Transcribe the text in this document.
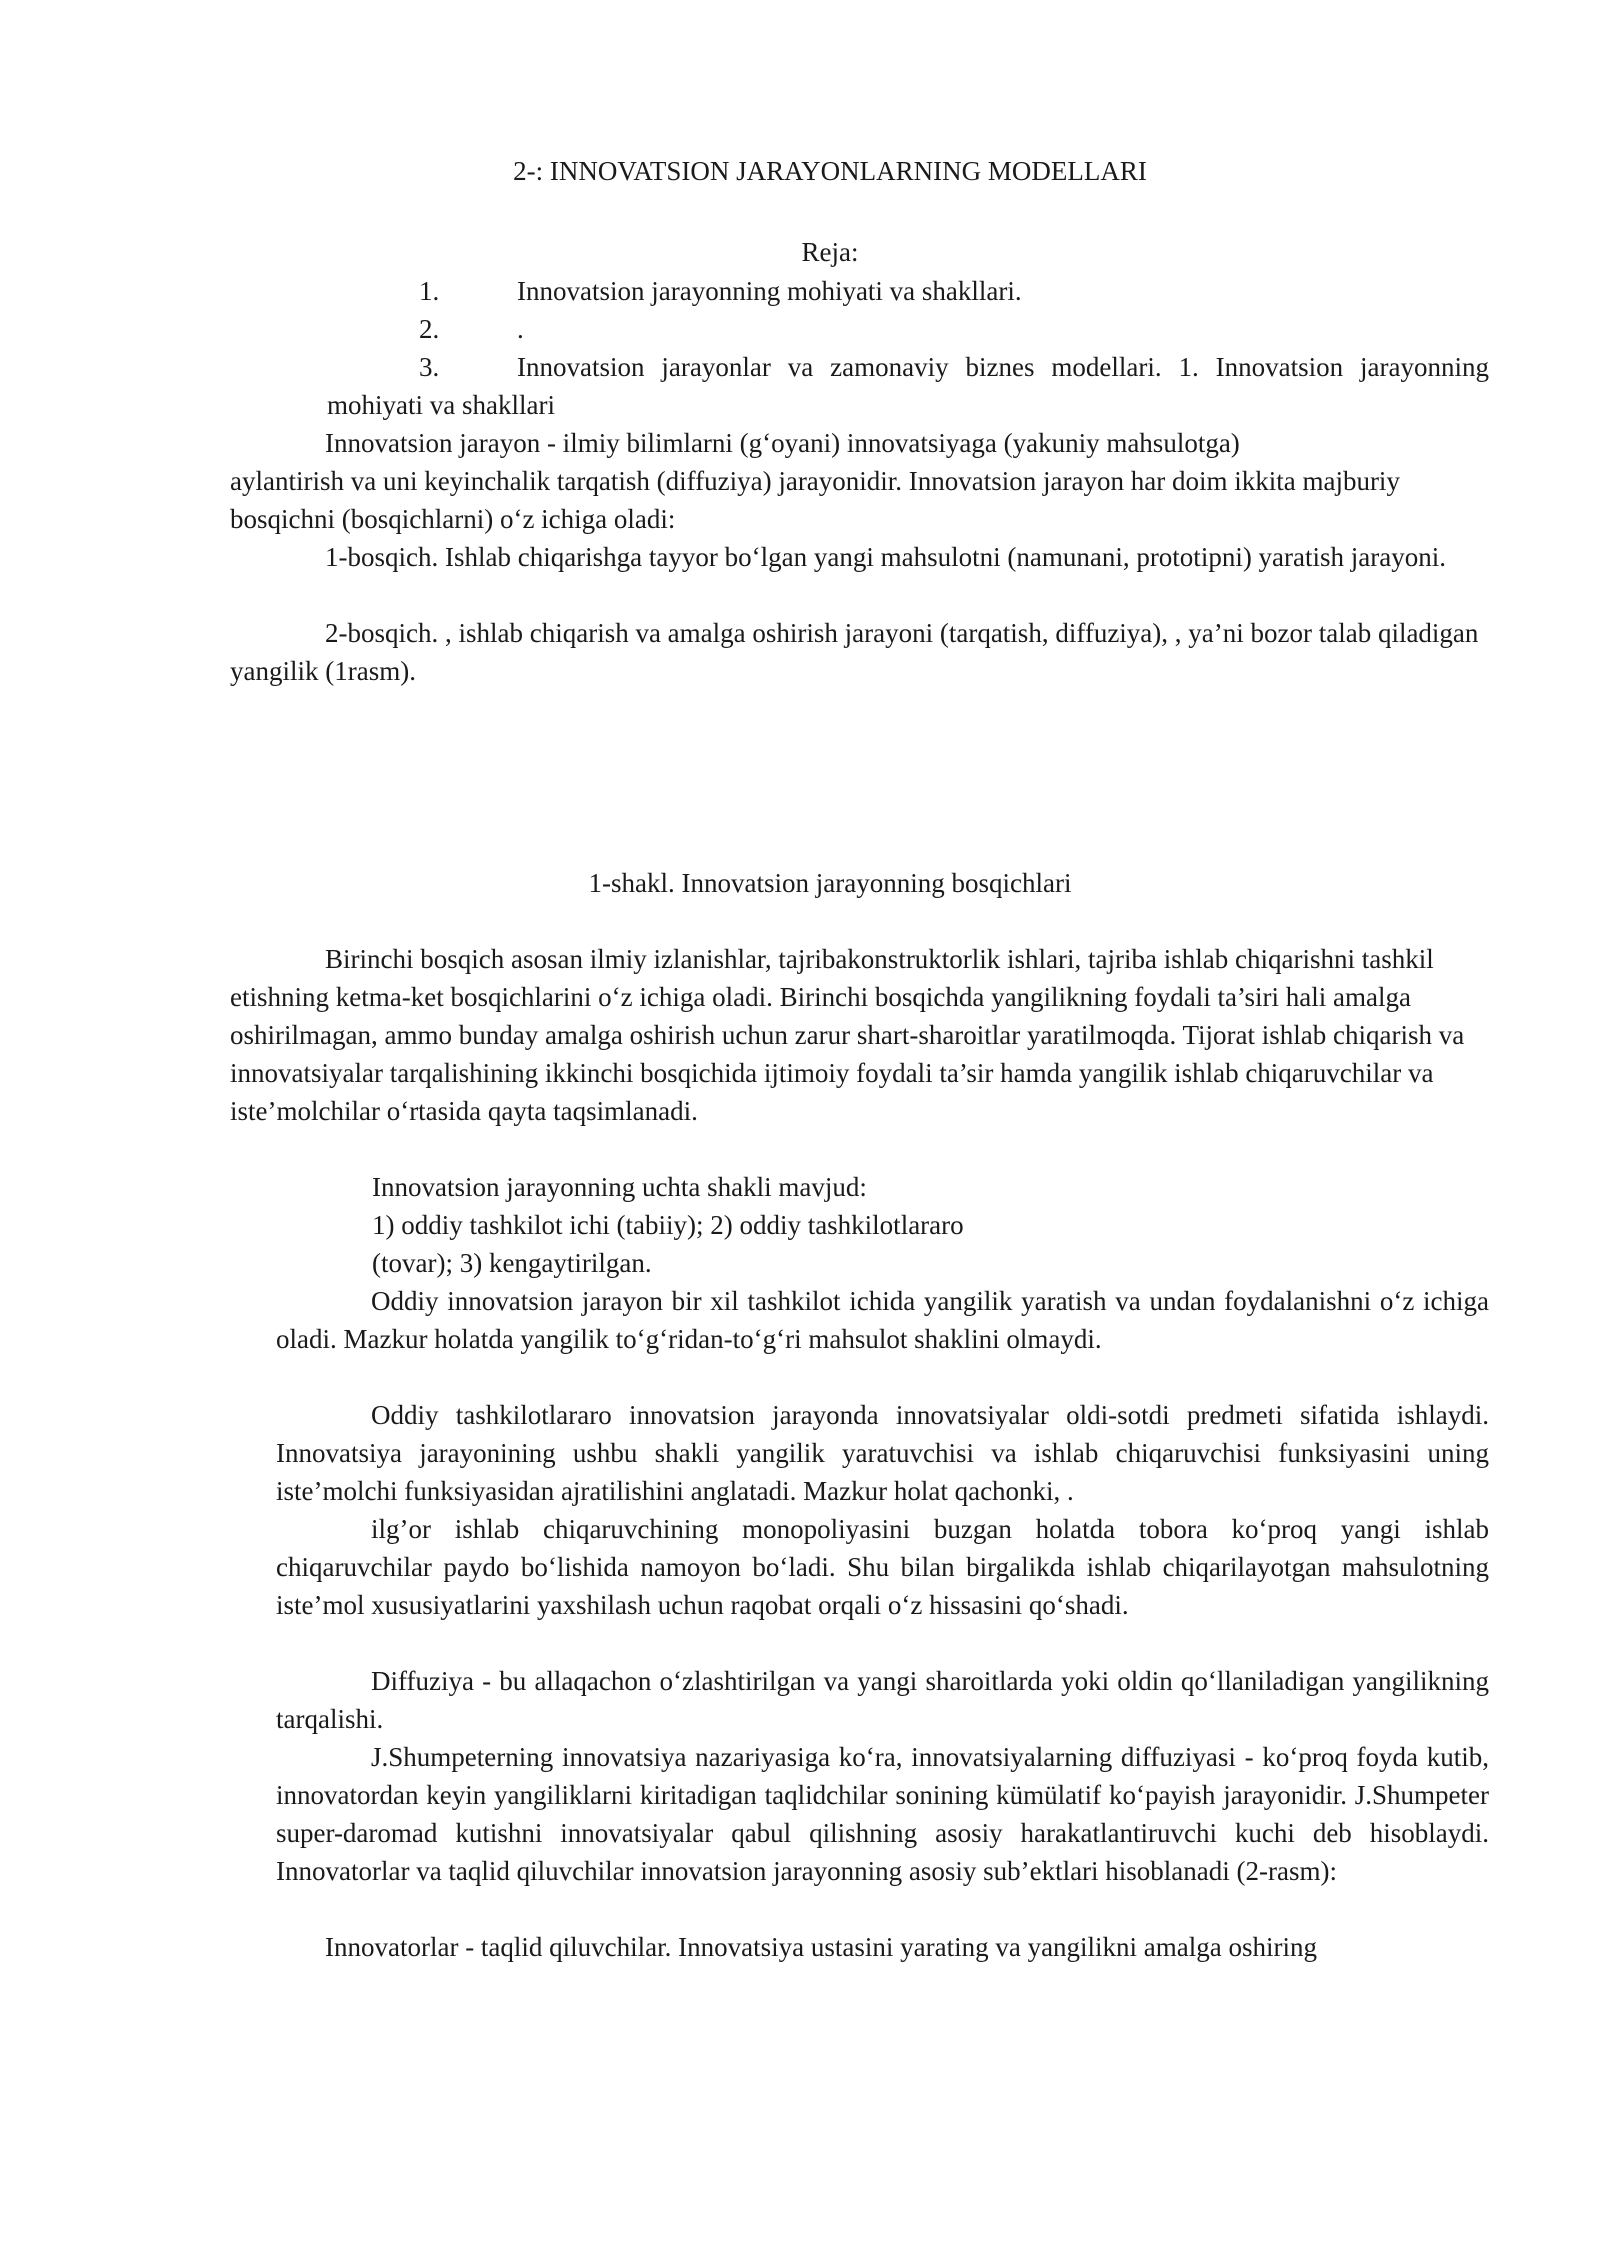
2-: INNOVATSION JARAYONLARNING MODELLARI
Reja:
1.	Innovatsion jarayonning mohiyati va shakllari.
2.	.
3.	Innovatsion jarayonlar va zamonaviy biznes modellari. 1. Innovatsion jarayonning mohiyati va shakllari

Innovatsion jarayon - ilmiy bilimlarni (g‘oyani) innovatsiyaga (yakuniy mahsulotga)

aylantirish va uni keyinchalik tarqatish (diffuziya) jarayonidir. Innovatsion jarayon har doim ikkita majburiy bosqichni (bosqichlarni) o‘z ichiga oladi:

1-bosqich. Ishlab chiqarishga tayyor bo‘lgan yangi mahsulotni (namunani, prototipni) yaratish jarayoni.

2-bosqich. , ishlab chiqarish va amalga oshirish jarayoni (tarqatish, diffuziya), , ya’ni bozor talab qiladigan yangilik (1rasm).

1-shakl. Innovatsion jarayonning bosqichlari

Birinchi bosqich asosan ilmiy izlanishlar, tajribakonstruktorlik ishlari, tajriba ishlab chiqarishni tashkil etishning ketma-ket bosqichlarini o‘z ichiga oladi. Birinchi bosqichda yangilikning foydali ta’siri hali amalga oshirilmagan, ammo bunday amalga oshirish uchun zarur shart-sharoitlar yaratilmoqda. Tijorat ishlab chiqarish va innovatsiyalar tarqalishining ikkinchi bosqichida ijtimoiy foydali ta’sir hamda yangilik ishlab chiqaruvchilar va iste’molchilar o‘rtasida qayta taqsimlanadi.

Innovatsion jarayonning uchta shakli mavjud:
1) oddiy tashkilot ichi (tabiiy); 2) oddiy tashkilotlararo
(tovar); 3) kengaytirilgan.

Oddiy innovatsion jarayon bir xil tashkilot ichida yangilik yaratish va undan foydalanishni o‘z ichiga oladi. Mazkur holatda yangilik to‘g‘ridan-to‘g‘ri mahsulot shaklini olmaydi.

Oddiy tashkilotlararo innovatsion jarayonda innovatsiyalar oldi-sotdi predmeti sifatida ishlaydi. Innovatsiya jarayonining ushbu shakli yangilik yaratuvchisi va ishlab chiqaruvchisi funksiyasini uning iste’molchi funksiyasidan ajratilishini anglatadi. Mazkur holat qachonki, .

ilg’or ishlab chiqaruvchining monopoliyasini buzgan holatda tobora ko‘proq yangi ishlab chiqaruvchilar paydo bo‘lishida namoyon bo‘ladi. Shu bilan birgalikda ishlab chiqarilayotgan mahsulotning iste’mol xususiyatlarini yaxshilash uchun raqobat orqali o‘z hissasini qo‘shadi.

Diffuziya - bu allaqachon o‘zlashtirilgan va yangi sharoitlarda yoki oldin qo‘llaniladigan yangilikning tarqalishi.

J.Shumpeterning innovatsiya nazariyasiga ko‘ra, innovatsiyalarning diffuziyasi - ko‘proq foyda kutib, innovatordan keyin yangiliklarni kiritadigan taqlidchilar sonining kümülatif ko‘payish jarayonidir. J.Shumpeter super-daromad kutishni innovatsiyalar qabul qilishning asosiy harakatlantiruvchi kuchi deb hisoblaydi. Innovatorlar va taqlid qiluvchilar innovatsion jarayonning asosiy sub’ektlari hisoblanadi (2-rasm):

Innovatorlar - taqlid qiluvchilar. Innovatsiya ustasini yarating va yangilikni amalga oshiring
